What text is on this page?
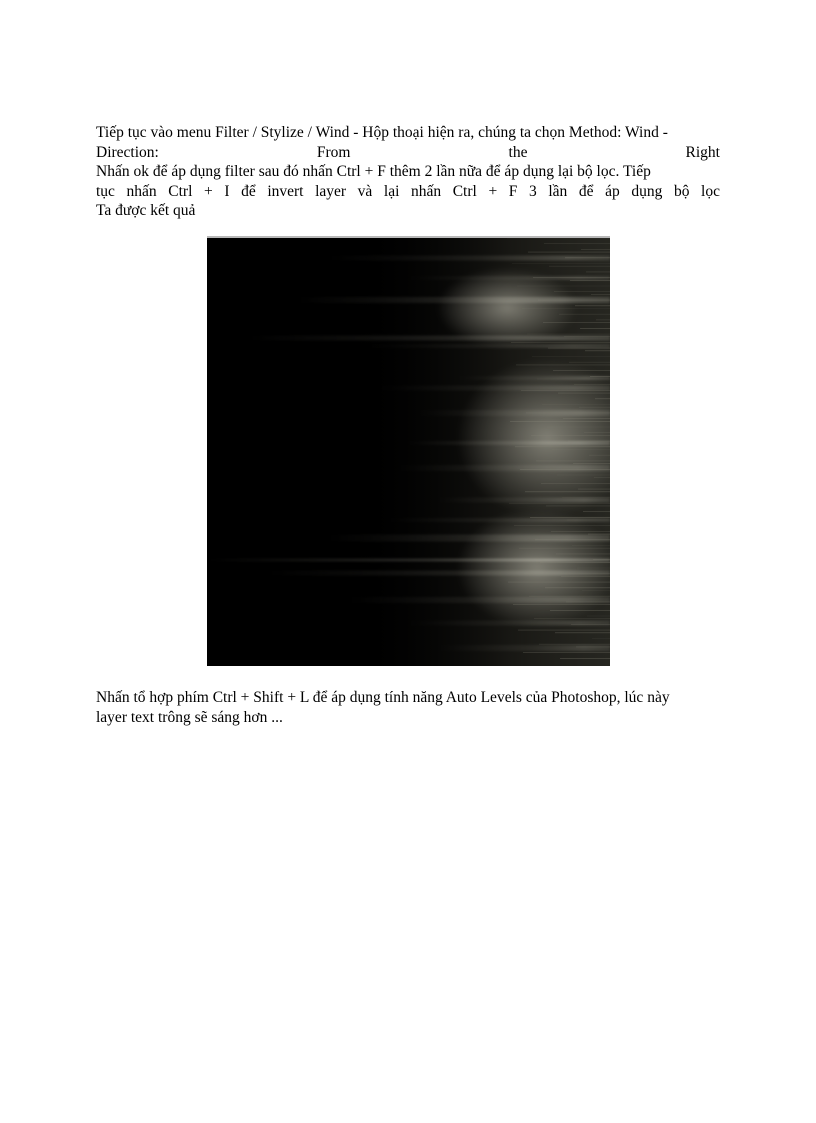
Tiếp tục vào menu Filter / Stylize / Wind - Hộp thoại hiện ra, chúng ta chọn Method: Wind -
Direction:	From	the	Right
Nhấn ok để áp dụng filter sau đó nhấn Ctrl + F thêm 2 lần nữa để áp dụng lại bộ lọc. Tiếp
tục nhấn Ctrl + I để invert layer và lại nhấn Ctrl + F 3 lần để áp dụng bộ lọc
Ta được kết quả
Nhấn tổ hợp phím Ctrl + Shift + L để áp dụng tính năng Auto Levels của Photoshop, lúc này
layer text trông sẽ sáng hơn ...
